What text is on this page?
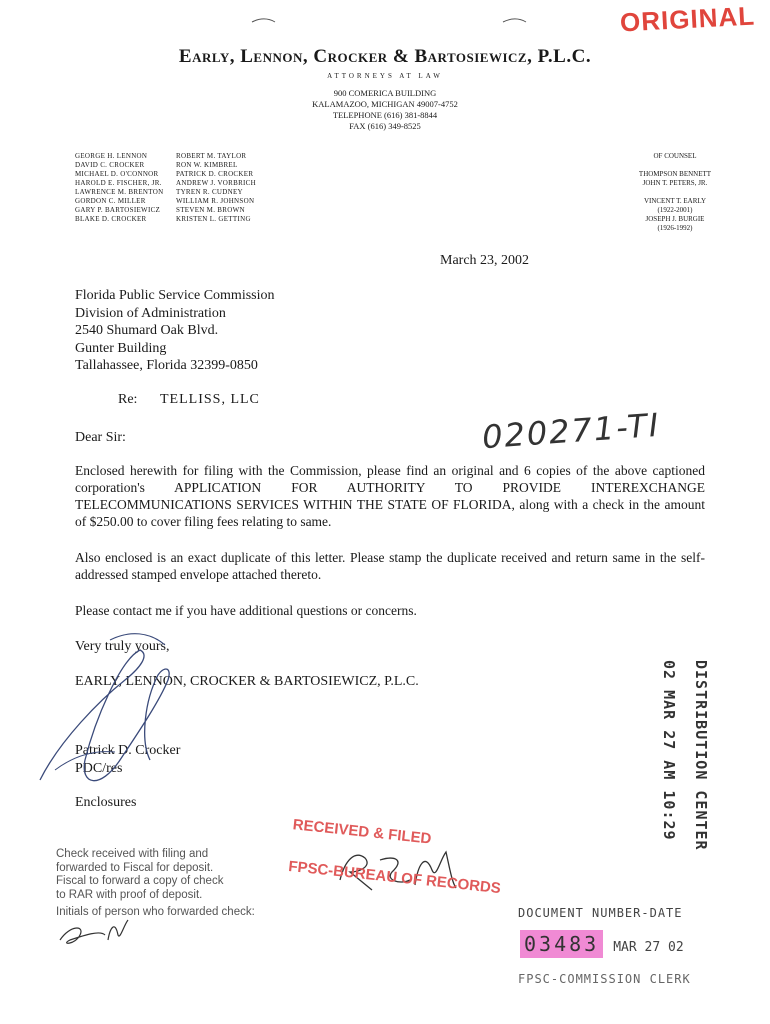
ORIGINAL
Early, Lennon, Crocker & Bartosiewicz, P.L.C.
ATTORNEYS AT LAW
900 COMERICA BUILDING
KALAMAZOO, MICHIGAN 49007-4752
TELEPHONE (616) 381-8844
FAX (616) 349-8525
GEORGE H. LENNON
DAVID C. CROCKER
MICHAEL D. O'CONNOR
HAROLD E. FISCHER, JR.
LAWRENCE M. BRENTON
GORDON C. MILLER
GARY P. BARTOSIEWICZ
BLAKE D. CROCKER
ROBERT M. TAYLOR
RON W. KIMBREL
PATRICK D. CROCKER
ANDREW J. VORBRICH
TYREN R. CUDNEY
WILLIAM R. JOHNSON
STEVEN M. BROWN
KRISTEN L. GETTING
OF COUNSEL
THOMPSON BENNETT
JOHN T. PETERS, JR.
VINCENT T. EARLY
(1922-2001)
JOSEPH J. BURGIE
(1926-1992)
March 23, 2002
Florida Public Service Commission
Division of Administration
2540 Shumard Oak Blvd.
Gunter Building
Tallahassee, Florida 32399-0850
Re: TELLISS, LLC
Dear Sir:	020271-TI
Enclosed herewith for filing with the Commission, please find an original and 6 copies of the above captioned corporation's APPLICATION FOR AUTHORITY TO PROVIDE INTEREXCHANGE TELECOMMUNICATIONS SERVICES WITHIN THE STATE OF FLORIDA, along with a check in the amount of $250.00 to cover filing fees relating to same.
Also enclosed is an exact duplicate of this letter. Please stamp the duplicate received and return same in the self-addressed stamped envelope attached thereto.
Please contact me if you have additional questions or concerns.
Very truly yours,
EARLY, LENNON, CROCKER & BARTOSIEWICZ, P.L.C.
Patrick D. Crocker
PDC/res
Enclosures
RECEIVED & FILED
FPSC-BUREAU OF RECORDS
Check received with filing and
forwarded to Fiscal for deposit.
Fiscal to forward a copy of check
to RAR with proof of deposit.
Initials of person who forwarded check:
DISTRIBUTION CENTER
02 MAR 27 AM 10:29
DOCUMENT NUMBER-DATE
03483 MAR 27 02
FPSC-COMMISSION CLERK
